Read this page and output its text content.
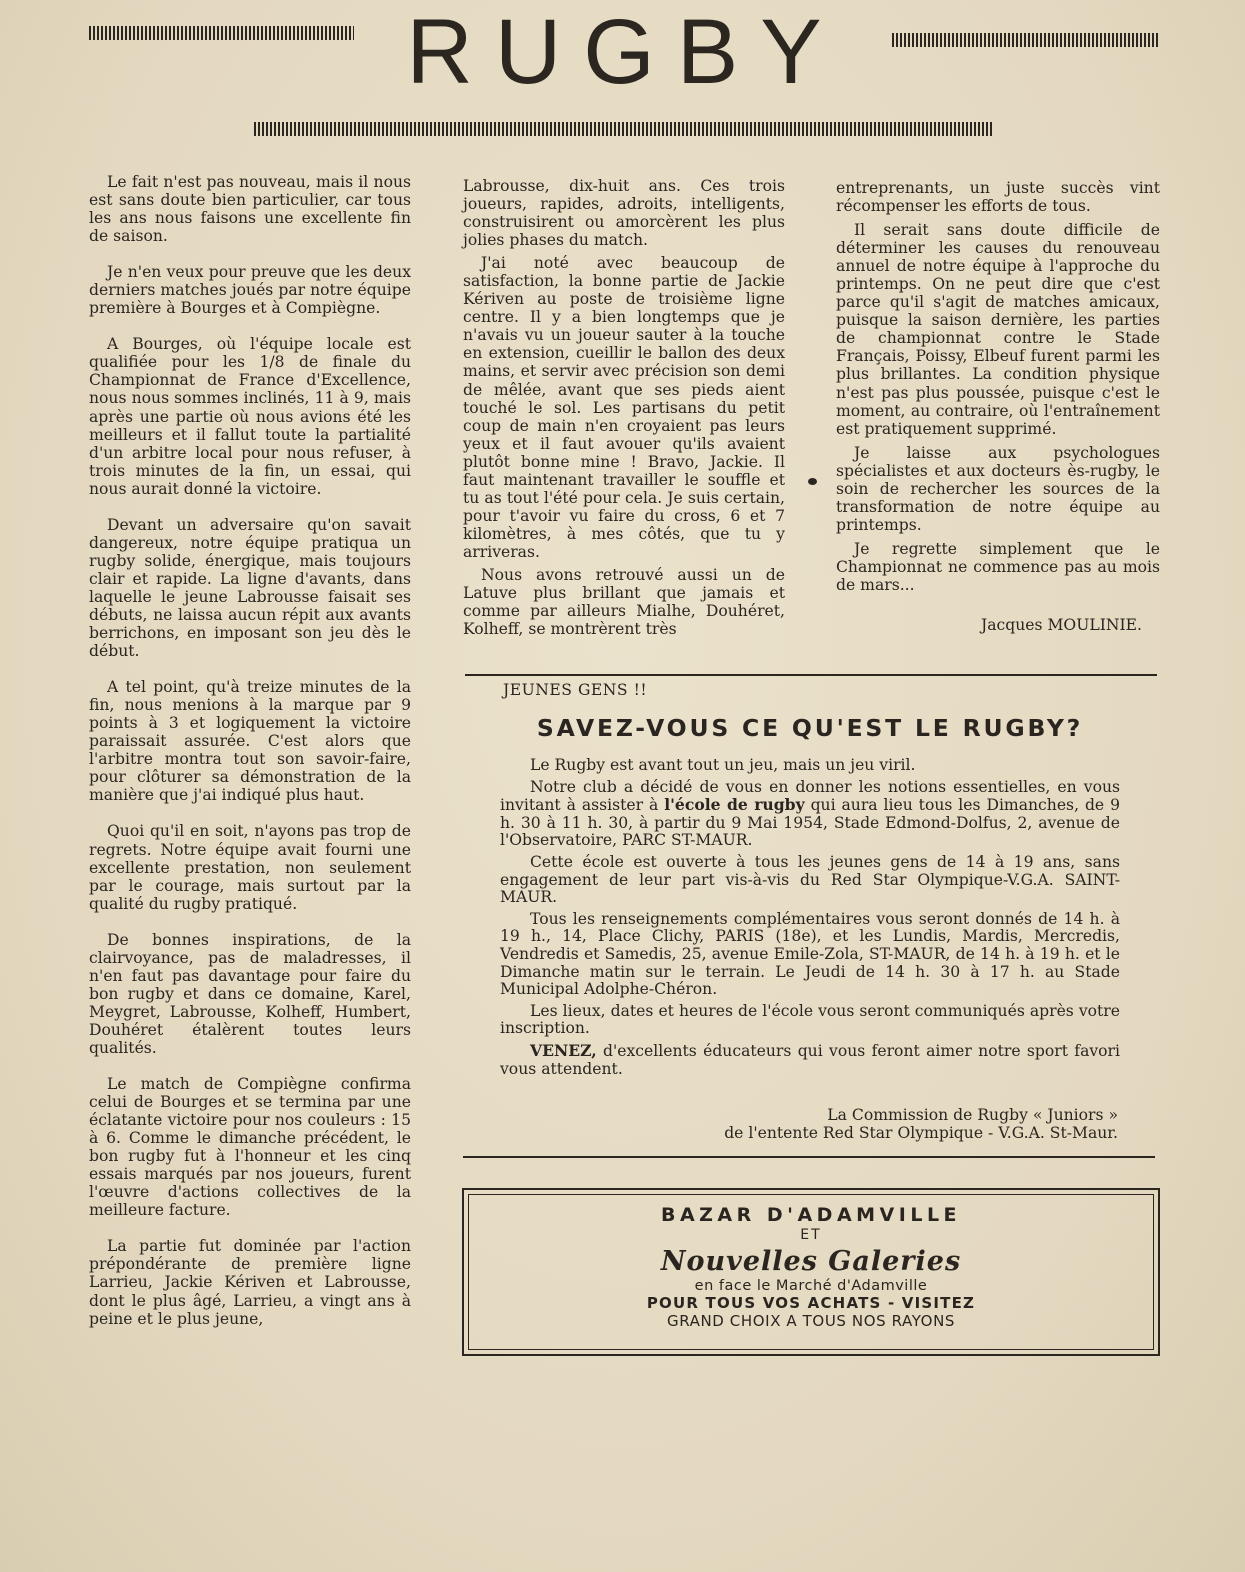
RUGBY

Le fait n'est pas nouveau, mais il nous est sans doute bien particulier, car tous les ans nous faisons une excellente fin de saison.

Je n'en veux pour preuve que les deux derniers matches joués par notre équipe première à Bourges et à Compiègne.

A Bourges, où l'équipe locale est qualifiée pour les 1/8 de finale du Championnat de France d'Excellence, nous nous sommes inclinés, 11 à 9, mais après une partie où nous avions été les meilleurs et il fallut toute la partialité d'un arbitre local pour nous refuser, à trois minutes de la fin, un essai, qui nous aurait donné la victoire.

Devant un adversaire qu'on savait dangereux, notre équipe pratiqua un rugby solide, énergique, mais toujours clair et rapide. La ligne d'avants, dans laquelle le jeune Labrousse faisait ses débuts, ne laissa aucun répit aux avants berrichons, en imposant son jeu dès le début.

A tel point, qu'à treize minutes de la fin, nous menions à la marque par 9 points à 3 et logiquement la victoire paraissait assurée. C'est alors que l'arbitre montra tout son savoir-faire, pour clôturer sa démonstration de la manière que j'ai indiqué plus haut.

Quoi qu'il en soit, n'ayons pas trop de regrets. Notre équipe avait fourni une excellente prestation, non seulement par le courage, mais surtout par la qualité du rugby pratiqué.

De bonnes inspirations, de la clairvoyance, pas de maladresses, il n'en faut pas davantage pour faire du bon rugby et dans ce domaine, Karel, Meygret, Labrousse, Kolheff, Humbert, Douhéret étalèrent toutes leurs qualités.

Le match de Compiègne confirma celui de Bourges et se termina par une éclatante victoire pour nos couleurs : 15 à 6. Comme le dimanche précédent, le bon rugby fut à l'honneur et les cinq essais marqués par nos joueurs, furent l'œuvre d'actions collectives de la meilleure facture.

La partie fut dominée par l'action prépondérante de première ligne Larrieu, Jackie Kériven et Labrousse, dont le plus âgé, Larrieu, a vingt ans à peine et le plus jeune,

Labrousse, dix-huit ans. Ces trois joueurs, rapides, adroits, intelligents, construisirent ou amorcèrent les plus jolies phases du match.

J'ai noté avec beaucoup de satisfaction, la bonne partie de Jackie Kériven au poste de troisième ligne centre. Il y a bien longtemps que je n'avais vu un joueur sauter à la touche en extension, cueillir le ballon des deux mains, et servir avec précision son demi de mêlée, avant que ses pieds aient touché le sol. Les partisans du petit coup de main n'en croyaient pas leurs yeux et il faut avouer qu'ils avaient plutôt bonne mine ! Bravo, Jackie. Il faut maintenant travailler le souffle et tu as tout l'été pour cela. Je suis certain, pour t'avoir vu faire du cross, 6 et 7 kilomètres, à mes côtés, que tu y arriveras.

Nous avons retrouvé aussi un de Latuve plus brillant que jamais et comme par ailleurs Mialhe, Douhéret, Kolheff, se montrèrent très

entreprenants, un juste succès vint récompenser les efforts de tous.

Il serait sans doute difficile de déterminer les causes du renouveau annuel de notre équipe à l'approche du printemps. On ne peut dire que c'est parce qu'il s'agit de matches amicaux, puisque la saison dernière, les parties de championnat contre le Stade Français, Poissy, Elbeuf furent parmi les plus brillantes. La condition physique n'est pas plus poussée, puisque c'est le moment, au contraire, où l'entraînement est pratiquement supprimé.

Je laisse aux psychologues spécialistes et aux docteurs ès-rugby, le soin de rechercher les sources de la transformation de notre équipe au printemps.

Je regrette simplement que le Championnat ne commence pas au mois de mars...

Jacques MOULINIE.

JEUNES GENS !!
SAVEZ-VOUS CE QU'EST LE RUGBY?

Le Rugby est avant tout un jeu, mais un jeu viril.

Notre club a décidé de vous en donner les notions essentielles, en vous invitant à assister à l'école de rugby qui aura lieu tous les Dimanches, de 9 h. 30 à 11 h. 30, à partir du 9 Mai 1954, Stade Edmond-Dolfus, 2, avenue de l'Observatoire, PARC ST-MAUR.

Cette école est ouverte à tous les jeunes gens de 14 à 19 ans, sans engagement de leur part vis-à-vis du Red Star Olympique-V.G.A. SAINT-MAUR.

Tous les renseignements complémentaires vous seront donnés de 14 h. à 19 h., 14, Place Clichy, PARIS (18e), et les Lundis, Mardis, Mercredis, Vendredis et Samedis, 25, avenue Emile-Zola, ST-MAUR, de 14 h. à 19 h. et le Dimanche matin sur le terrain. Le Jeudi de 14 h. 30 à 17 h. au Stade Municipal Adolphe-Chéron.

Les lieux, dates et heures de l'école vous seront communiqués après votre inscription.

VENEZ, d'excellents éducateurs qui vous feront aimer notre sport favori vous attendent.

La Commission de Rugby « Juniors »
de l'entente Red Star Olympique - V.G.A. St-Maur.
BAZAR D'ADAMVILLE
ET
Nouvelles Galeries
en face le Marché d'Adamville
POUR TOUS VOS ACHATS - VISITEZ
GRAND CHOIX A TOUS NOS RAYONS
